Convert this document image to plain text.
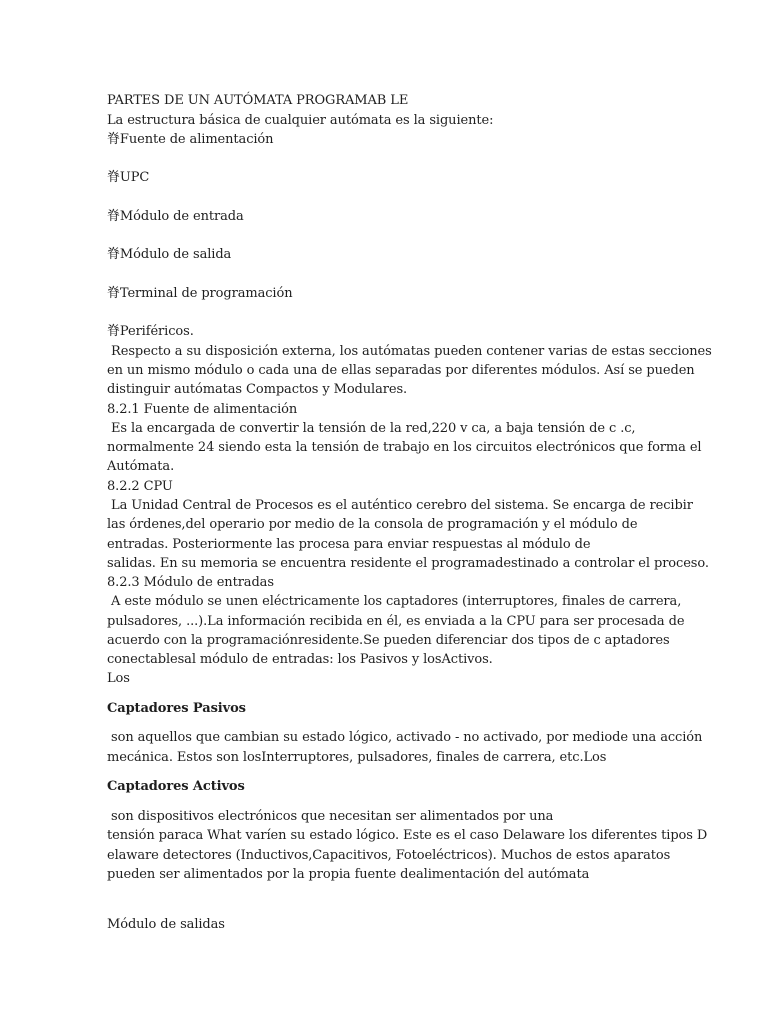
PARTES DE UN AUTÓMATA PROGRAMAB LE
La estructura básica de cualquier autómata es la siguiente:
脊Fuente de alimentación
脊UPC
脊Módulo de entrada
脊Módulo de salida
脊Terminal de programación
脊Periféricos.
Respecto a su disposición externa, los autómatas pueden contener varias de estas secciones
en un mismo módulo o cada una de ellas separadas por diferentes módulos. Así se pueden
distinguir autómatas Compactos y Modulares.
8.2.1 Fuente de alimentación
Es la encargada de convertir la tensión de la red,220 v ca, a baja tensión de c .c,
normalmente 24 siendo esta la tensión de trabajo en los circuitos electrónicos que forma el
Autómata.
8.2.2 CPU
La Unidad Central de Procesos es el auténtico cerebro del sistema. Se encarga de recibir
las órdenes,del operario por medio de la consola de programación y el módulo de
entradas. Posteriormente las procesa para enviar respuestas al módulo de
salidas. En su memoria se encuentra residente el programadestinado a controlar el proceso.
8.2.3 Módulo de entradas
A este módulo se unen eléctricamente los captadores (interruptores, finales de carrera,
pulsadores, ...).La información recibida en él, es enviada a la CPU para ser procesada de
acuerdo con la programaciónresidente.Se pueden diferenciar dos tipos de c aptadores
conectablesal módulo de entradas: los Pasivos y losActivos.
Los
Captadores Pasivos
son aquellos que cambian su estado lógico, activado - no activado, por mediode una acción
mecánica. Estos son losInterruptores, pulsadores, finales de carrera, etc.Los
Captadores Activos
son dispositivos electrónicos que necesitan ser alimentados por una
tensión paraca What varíen su estado lógico. Este es el caso Delaware los diferentes tipos D
elaware detectores (Inductivos,Capacitivos, Fotoeléctricos). Muchos de estos aparatos
pueden ser alimentados por la propia fuente dealimentación del autómata
Módulo de salidas
